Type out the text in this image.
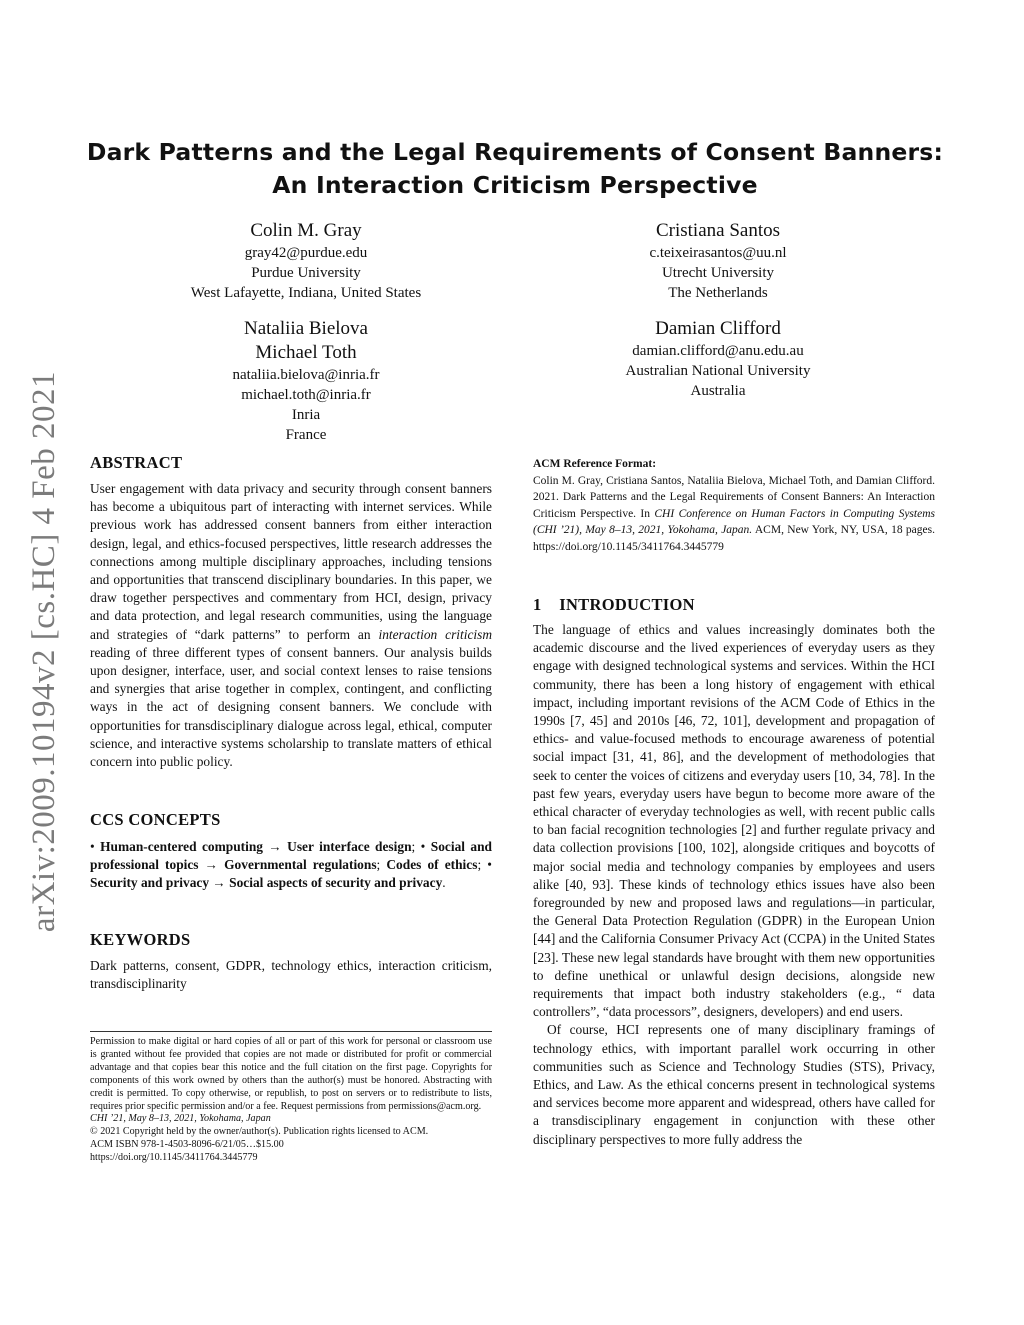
arXiv:2009.10194v2 [cs.HC] 4 Feb 2021
Dark Patterns and the Legal Requirements of Consent Banners:
An Interaction Criticism Perspective
Colin M. Gray
gray42@purdue.edu
Purdue University
West Lafayette, Indiana, United States
Cristiana Santos
c.teixeirasantos@uu.nl
Utrecht University
The Netherlands
Nataliia Bielova
Michael Toth
nataliia.bielova@inria.fr
michael.toth@inria.fr
Inria
France
Damian Clifford
damian.clifford@anu.edu.au
Australian National University
Australia
ABSTRACT

User engagement with data privacy and security through consent banners has become a ubiquitous part of interacting with internet services. While previous work has addressed consent banners from either interaction design, legal, and ethics-focused perspectives, little research addresses the connections among multiple disciplinary approaches, including tensions and opportunities that transcend disciplinary boundaries. In this paper, we draw together perspectives and commentary from HCI, design, privacy and data protection, and legal research communities, using the language and strategies of “dark patterns” to perform an interaction criticism reading of three different types of consent banners. Our analysis builds upon designer, interface, user, and social context lenses to raise tensions and synergies that arise together in complex, contingent, and conflicting ways in the act of designing consent banners. We conclude with opportunities for transdisciplinary dialogue across legal, ethical, computer science, and interactive systems scholarship to translate matters of ethical concern into public policy.

CCS CONCEPTS

• Human-centered computing → User interface design; • Social and professional topics → Governmental regulations; Codes of ethics; • Security and privacy → Social aspects of security and privacy.

KEYWORDS

Dark patterns, consent, GDPR, technology ethics, interaction criticism, transdisciplinarity

Permission to make digital or hard copies of all or part of this work for personal or classroom use is granted without fee provided that copies are not made or distributed for profit or commercial advantage and that copies bear this notice and the full citation on the first page. Copyrights for components of this work owned by others than the author(s) must be honored. Abstracting with credit is permitted. To copy otherwise, or republish, to post on servers or to redistribute to lists, requires prior specific permission and/or a fee. Request permissions from permissions@acm.org.

CHI ’21, May 8–13, 2021, Yokohama, Japan

© 2021 Copyright held by the owner/author(s). Publication rights licensed to ACM.

ACM ISBN 978-1-4503-8096-6/21/05…$15.00

https://doi.org/10.1145/3411764.3445779

ACM Reference Format:

Colin M. Gray, Cristiana Santos, Nataliia Bielova, Michael Toth, and Damian Clifford. 2021. Dark Patterns and the Legal Requirements of Consent Banners: An Interaction Criticism Perspective. In CHI Conference on Human Factors in Computing Systems (CHI ’21), May 8–13, 2021, Yokohama, Japan. ACM, New York, NY, USA, 18 pages. https://doi.org/10.1145/3411764.3445779

1    INTRODUCTION

The language of ethics and values increasingly dominates both the academic discourse and the lived experiences of everyday users as they engage with designed technological systems and services. Within the HCI community, there has been a long history of engagement with ethical impact, including important revisions of the ACM Code of Ethics in the 1990s [7, 45] and 2010s [46, 72, 101], development and propagation of ethics- and value-focused methods to encourage awareness of potential social impact [31, 41, 86], and the development of methodologies that seek to center the voices of citizens and everyday users [10, 34, 78]. In the past few years, everyday users have begun to become more aware of the ethical character of everyday technologies as well, with recent public calls to ban facial recognition technologies [2] and further regulate privacy and data collection provisions [100, 102], alongside critiques and boycotts of major social media and technology companies by employees and users alike [40, 93]. These kinds of technology ethics issues have also been foregrounded by new and proposed laws and regulations—in particular, the General Data Protection Regulation (GDPR) in the European Union [44] and the California Consumer Privacy Act (CCPA) in the United States [23]. These new legal standards have brought with them new opportunities to define unethical or unlawful design decisions, alongside new requirements that impact both industry stakeholders (e.g., “ data controllers”, “data processors”, designers, developers) and end users.

Of course, HCI represents one of many disciplinary framings of technology ethics, with important parallel work occurring in other communities such as Science and Technology Studies (STS), Privacy, Ethics, and Law. As the ethical concerns present in technological systems and services become more apparent and widespread, others have called for a transdisciplinary engagement in conjunction with these other disciplinary perspectives to more fully address the
